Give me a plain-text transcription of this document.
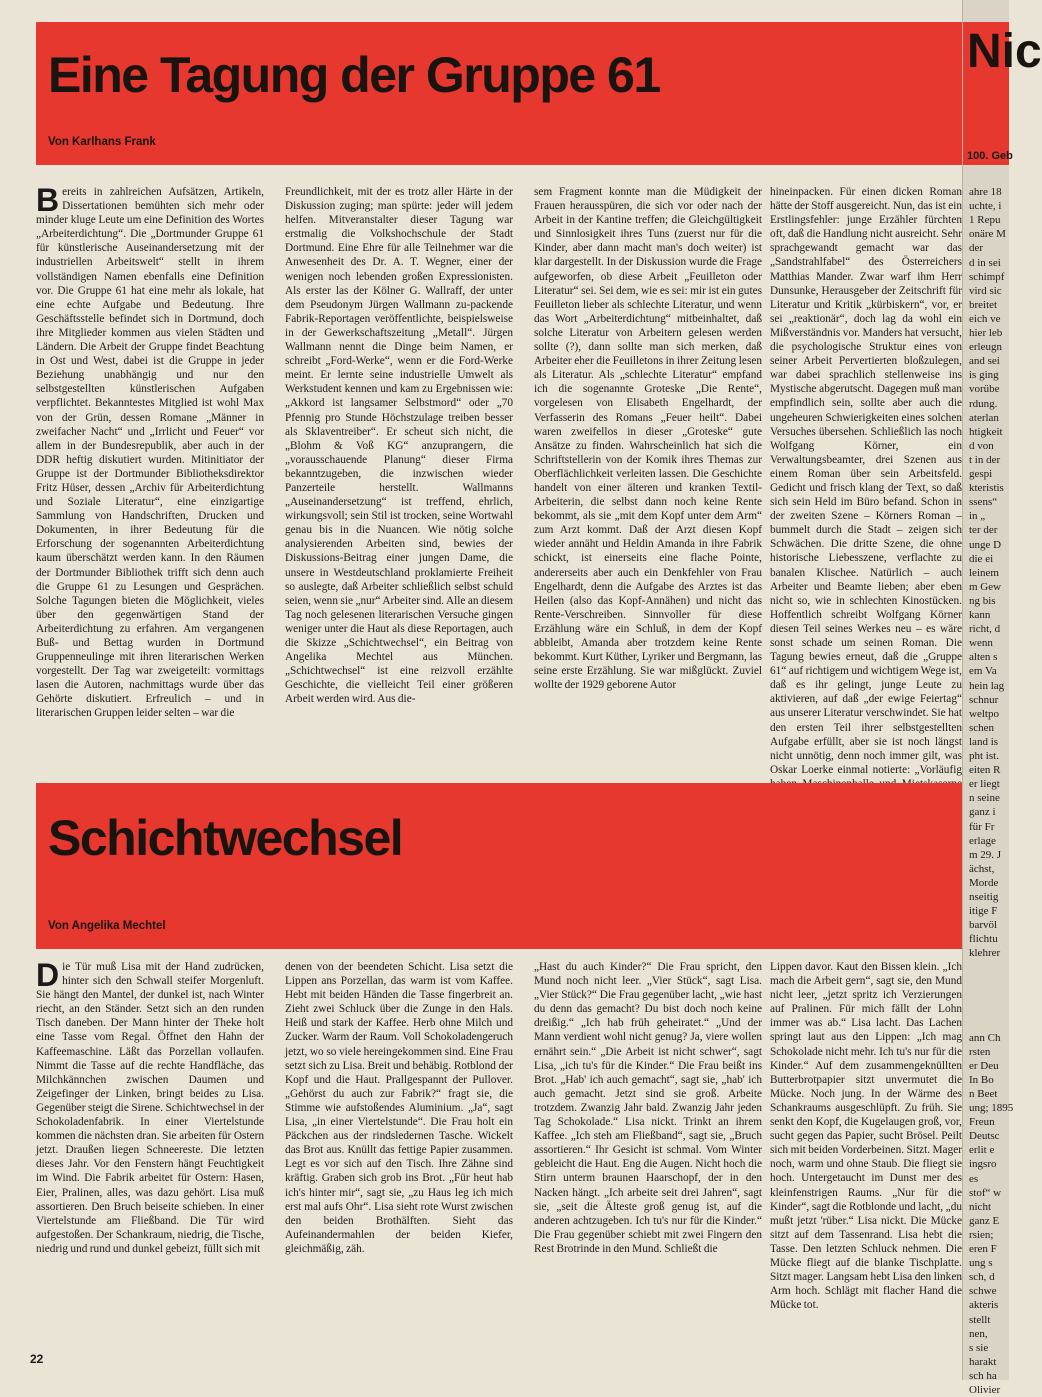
Eine Tagung der Gruppe 61
Von Karlhans Frank

Bereits in zahlreichen Aufsätzen, Artikeln, Dissertationen bemühten sich mehr oder minder kluge Leute um eine Definition des Wortes „Arbeiterdichtung“. Die „Dortmunder Gruppe 61 für künstlerische Auseinandersetzung mit der industriellen Arbeitswelt“ stellt in ihrem vollständigen Namen ebenfalls eine Definition vor. Die Gruppe 61 hat eine mehr als lokale, hat eine echte Aufgabe und Bedeutung. Ihre Geschäftsstelle befindet sich in Dortmund, doch ihre Mitglieder kommen aus vielen Städten und Ländern. Die Arbeit der Gruppe findet Beachtung in Ost und West, dabei ist die Gruppe in jeder Beziehung unabhängig und nur den selbstgestellten künstlerischen Aufgaben verpflichtet. Bekanntestes Mitglied ist wohl Max von der Grün, dessen Romane „Männer in zweifacher Nacht“ und „Irrlicht und Feuer“ vor allem in der Bundesrepublik, aber auch in der DDR heftig diskutiert wurden. Mitinitiator der Gruppe ist der Dortmunder Bibliotheksdirektor Fritz Hüser, dessen „Archiv für Arbeiterdichtung und Soziale Literatur“, eine einzigartige Sammlung von Handschriften, Drucken und Dokumenten, in ihrer Bedeutung für die Erforschung der sogenannten Arbeiterdichtung kaum überschätzt werden kann. In den Räumen der Dortmunder Bibliothek trifft sich denn auch die Gruppe 61 zu Lesungen und Gesprächen. Solche Tagungen bieten die Möglichkeit, vieles über den gegenwärtigen Stand der Arbeiterdichtung zu erfahren. Am vergangenen Buß- und Bettag wurden in Dortmund Gruppenneulinge mit ihren literarischen Werken vorgestellt. Der Tag war zweigeteilt: vormittags lasen die Autoren, nachmittags wurde über das Gehörte diskutiert. Erfreulich – und in literarischen Gruppen leider selten – war die

Freundlichkeit, mit der es trotz aller Härte in der Diskussion zuging; man spürte: jeder will jedem helfen. Mitveranstalter dieser Tagung war erstmalig die Volkshochschule der Stadt Dortmund. Eine Ehre für alle Teilnehmer war die Anwesenheit des Dr. A. T. Wegner, einer der wenigen noch lebenden großen Expressionisten. Als erster las der Kölner G. Wallraff, der unter dem Pseudonym Jürgen Wallmann zu-packende Fabrik-Reportagen veröffentlichte, beispielsweise in der Gewerkschaftszeitung „Metall“. Jürgen Wallmann nennt die Dinge beim Namen, er schreibt „Ford-Werke“, wenn er die Ford-Werke meint. Er lernte seine industrielle Umwelt als Werkstudent kennen und kam zu Ergebnissen wie: „Akkord ist langsamer Selbstmord“ oder „70 Pfennig pro Stunde Höchstzulage treiben besser als Sklaventreiber“. Er scheut sich nicht, die „Blohm & Voß KG“ anzuprangern, die „vorausschauende Planung“ dieser Firma bekanntzugeben, die inzwischen wieder Panzerteile herstellt. Wallmanns „Auseinandersetzung“ ist treffend, ehrlich, wirkungsvoll; sein Stil ist trocken, seine Wortwahl genau bis in die Nuancen. Wie nötig solche analysierenden Arbeiten sind, bewies der Diskussions-Beitrag einer jungen Dame, die unsere in Westdeutschland proklamierte Freiheit so auslegte, daß Arbeiter schließlich selbst schuld seien, wenn sie „nur“ Arbeiter sind. Alle an diesem Tag noch gelesenen literarischen Versuche gingen weniger unter die Haut als diese Reportagen, auch die Skizze „Schichtwechsel“, ein Beitrag von Angelika Mechtel aus München. „Schichtwechsel“ ist eine reizvoll erzählte Geschichte, die vielleicht Teil einer größeren Arbeit werden wird. Aus die-

sem Fragment konnte man die Müdigkeit der Frauen herausspüren, die sich vor oder nach der Arbeit in der Kantine treffen; die Gleichgültigkeit und Sinnlosigkeit ihres Tuns (zuerst nur für die Kinder, aber dann macht man's doch weiter) ist klar dargestellt. In der Diskussion wurde die Frage aufgeworfen, ob diese Arbeit „Feuilleton oder Literatur“ sei. Sei dem, wie es sei: mir ist ein gutes Feuilleton lieber als schlechte Literatur, und wenn das Wort „Arbeiterdichtung“ mitbeinhaltet, daß solche Literatur von Arbeitern gelesen werden sollte (?), dann sollte man sich merken, daß Arbeiter eher die Feuilletons in ihrer Zeitung lesen als Literatur. Als „schlechte Literatur“ empfand ich die sogenannte Groteske „Die Rente“, vorgelesen von Elisabeth Engelhardt, der Verfasserin des Romans „Feuer heilt“. Dabei waren zweifellos in dieser „Groteske“ gute Ansätze zu finden. Wahrscheinlich hat sich die Schriftstellerin von der Komik ihres Themas zur Oberflächlichkeit verleiten lassen. Die Geschichte handelt von einer älteren und kranken Textil-Arbeiterin, die selbst dann noch keine Rente bekommt, als sie „mit dem Kopf unter dem Arm“ zum Arzt kommt. Daß der Arzt diesen Kopf wieder annäht und Heldin Amanda in ihre Fabrik schickt, ist einerseits eine flache Pointe, andererseits aber auch ein Denkfehler von Frau Engelhardt, denn die Aufgabe des Arztes ist das Heilen (also das Kopf-Annähen) und nicht das Rente-Verschreiben. Sinnvoller für diese Erzählung wäre ein Schluß, in dem der Kopf abbleibt, Amanda aber trotzdem keine Rente bekommt. Kurt Küther, Lyriker und Bergmann, las seine erste Erzählung. Sie war mißglückt. Zuviel wollte der 1929 geborene Autor

hineinpacken. Für einen dicken Roman hätte der Stoff ausgereicht. Nun, das ist ein Erstlingsfehler: junge Erzähler fürchten oft, daß die Handlung nicht ausreicht. Sehr sprachgewandt gemacht war das „Sandstrahlfabel“ des Österreichers Matthias Mander. Zwar warf ihm Herr Dunsunke, Herausgeber der Zeitschrift für Literatur und Kritik „kürbiskern“, vor, er sei „reaktionär“, doch lag da wohl ein Mißverständnis vor. Manders hat versucht, die psychologische Struktur eines von seiner Arbeit Pervertierten bloßzulegen, war dabei sprachlich stellenweise ins Mystische abgerutscht. Dagegen muß man empfindlich sein, sollte aber auch die ungeheuren Schwierigkeiten eines solchen Versuches übersehen. Schließlich las noch Wolfgang Körner, ein Verwaltungsbeamter, drei Szenen aus einem Roman über sein Arbeitsfeld. Gedicht und frisch klang der Text, so daß sich sein Held im Büro befand. Schon in der zweiten Szene – Körners Roman – bummelt durch die Stadt – zeigen sich Schwächen. Die dritte Szene, die ohne historische Liebesszene, verflachte zu banalen Klischee. Natürlich – auch Arbeiter und Beamte lieben; aber eben nicht so, wie in schlechten Kinostücken. Hoffentlich schreibt Wolfgang Körner diesen Teil seines Werkes neu – es wäre sonst schade um seinen Roman. Die Tagung bewies erneut, daß die „Gruppe 61“ auf richtigem und wichtigem Wege ist, daß es ihr gelingt, junge Leute zu aktivieren, auf daß „der ewige Feiertag“ aus unserer Literatur verschwindet. Sie hat den ersten Teil ihrer selbstgestellten Aufgabe erfüllt, aber sie ist noch längst nicht unnötig, denn noch immer gilt, was Oskar Loerke einmal notierte: „Vorläufig

Schichtwechsel
Von Angelika Mechtel

Die Tür muß Lisa mit der Hand zudrücken, hinter sich den Schwall steifer Morgenluft. Sie hängt den Mantel, der dunkel ist, nach Winter riecht, an den Ständer. Setzt sich an den runden Tisch daneben. Der Mann hinter der Theke holt eine Tasse vom Regal. Öffnet den Hahn der Kaffeemaschine. Läßt das Porzellan vollaufen. Nimmt die Tasse auf die rechte Handfläche, das Milchkännchen zwischen Daumen und Zeigefinger der Linken, bringt beides zu Lisa. Gegenüber steigt die Sirene. Schichtwechsel in der Schokoladenfabrik. In einer Viertelstunde kommen die nächsten dran. Sie arbeiten für Ostern jetzt. Draußen liegen Schneereste. Die letzten dieses Jahr. Vor den Fenstern hängt Feuchtigkeit im Wind. Die Fabrik arbeitet für Ostern: Hasen, Eier, Pralinen, alles, was dazu gehört. Lisa muß assortieren. Den Bruch beiseite schieben. In einer Viertelstunde am Fließband. Die Tür wird aufgestoßen. Der Schankraum, niedrig, die Tische, niedrig und rund und dunkel gebeizt, füllt sich mit

denen von der beendeten Schicht. Lisa setzt die Lippen ans Porzellan, das warm ist vom Kaffee. Hebt mit beiden Händen die Tasse fingerbreit an. Zieht zwei Schluck über die Zunge in den Hals. Heiß und stark der Kaffee. Herb ohne Milch und Zucker. Warm der Raum. Voll Schokoladengeruch jetzt, wo so viele hereingekommen sind. Eine Frau setzt sich zu Lisa. Breit und behäbig. Rotblond der Kopf und die Haut. Prallgespannt der Pullover. „Gehörst du auch zur Fabrik?“ fragt sie, die Stimme wie aufstoßendes Aluminium. „Ja“, sagt Lisa, „in einer Viertelstunde“. Die Frau holt ein Päckchen aus der rindsledernen Tasche. Wickelt das Brot aus. Knüllt das fettige Papier zusammen. Legt es vor sich auf den Tisch. Ihre Zähne sind kräftig. Graben sich grob ins Brot. „Für heut hab ich's hinter mir“, sagt sie, „zu Haus leg ich mich erst mal aufs Ohr“. Lisa sieht rote Wurst zwischen den beiden Brothälften. Sieht das Aufeinandermahlen der beiden Kiefer, gleichmäßig, zäh.

„Hast du auch Kinder?“ Die Frau spricht, den Mund noch nicht leer. „Vier Stück“, sagt Lisa. „Vier Stück?“ Die Frau gegenüber lacht, „wie hast du denn das gemacht? Du bist doch noch keine dreißig.“ „Ich hab früh geheiratet.“ „Und der Mann verdient wohl nicht genug? Ja, viere wollen ernährt sein.“ „Die Arbeit ist nicht schwer“, sagt Lisa, „ich tu's für die Kinder.“ Die Frau beißt ins Brot. „Hab' ich auch gemacht“, sagt sie, „hab' ich auch gemacht. Jetzt sind sie groß. Arbeite trotzdem. Zwanzig Jahr bald. Zwanzig Jahr jeden Tag Schokolade.“ Lisa nickt. Trinkt an ihrem Kaffee. „Ich steh am Fließband“, sagt sie, „Bruch assortieren.“ Ihr Gesicht ist schmal. Vom Winter gebleicht die Haut. Eng die Augen. Nicht hoch die Stirn unterm braunen Haarschopf, der in den Nacken hängt. „Ich arbeite seit drei Jahren“, sagt sie, „seit die Älteste groß genug ist, auf die anderen achtzugeben. Ich tu's nur für die Kinder.“ Die Frau gegenüber schiebt mit zwei Fingern den Rest Brotrinde in den Mund. Schließt die

Lippen davor. Kaut den Bissen klein. „Ich mach die Arbeit gern“, sagt sie, den Mund nicht leer, „jetzt spritz ich Verzierungen auf Pralinen. Für mich fällt der Lohn immer was ab.“ Lisa lacht. Das Lachen springt laut aus den Lippen: „Ich mag Schokolade nicht mehr. Ich tu's nur für die Kinder.“ Auf dem zusammengeknüllten Butterbrotpapier sitzt unvermutet die Mücke. Noch jung. In der Wärme des Schankraums ausgeschlüpft. Zu früh. Sie senkt den Kopf, die Kugelaugen groß, vor, sucht gegen das Papier, sucht Brösel. Peilt sich mit beiden Vorderbeinen. Sitzt. Mager noch, warm und ohne Staub. Die fliegt sie hoch. Untergetaucht im Dunst mer des kleinfenstrigen Raums. „Nur für die Kinder“, sagt die Rotblonde und lacht, „du mußt jetzt 'rüber.“ Lisa nickt. Die Mücke sitzt auf dem Tassenrand. Lisa hebt die Tasse. Den letzten Schluck nehmen. Die Mücke fliegt auf die blanke Tischplatte. Sitzt mager. Langsam hebt Lisa den linken Arm hoch. Schlägt mit flacher Hand die Mücke tot.

Nic
100. Geb
ahre 18
uchte, i
1 Repu
onäre M
der
d in sei
schimpf
vird sic
breitet
eich ve
hier leb
erleugn
and sei
is ging
vorübe
rdung.
aterlan
htigkeit
d von
t in der
gespi
kteristis
ssens“
in „
ter der
unge D
die ei
leinem
m Gew
ng bis
kann
richt, d
wenn
alten s
em Va
hein lag
schnur
weltpo
schen
land is
pht ist.
eiten R
er liegt
n seine
ganz i
für Fr
erlage
m 29. J
ächst,
Morde
nseitig
itige F
barvöl
flichtu
klehrer
ann Ch
rsten
er Deu
In Bo
n Beet
ung; 1895
Freun
Deutsc
erlit e
ingsro
es
stof“ w
nicht
ganz E
rsien;
eren F
ung s
sch, d
schwe
akteris
stellt
nen,
s sie
harakt
sch ha
Olivier
22
